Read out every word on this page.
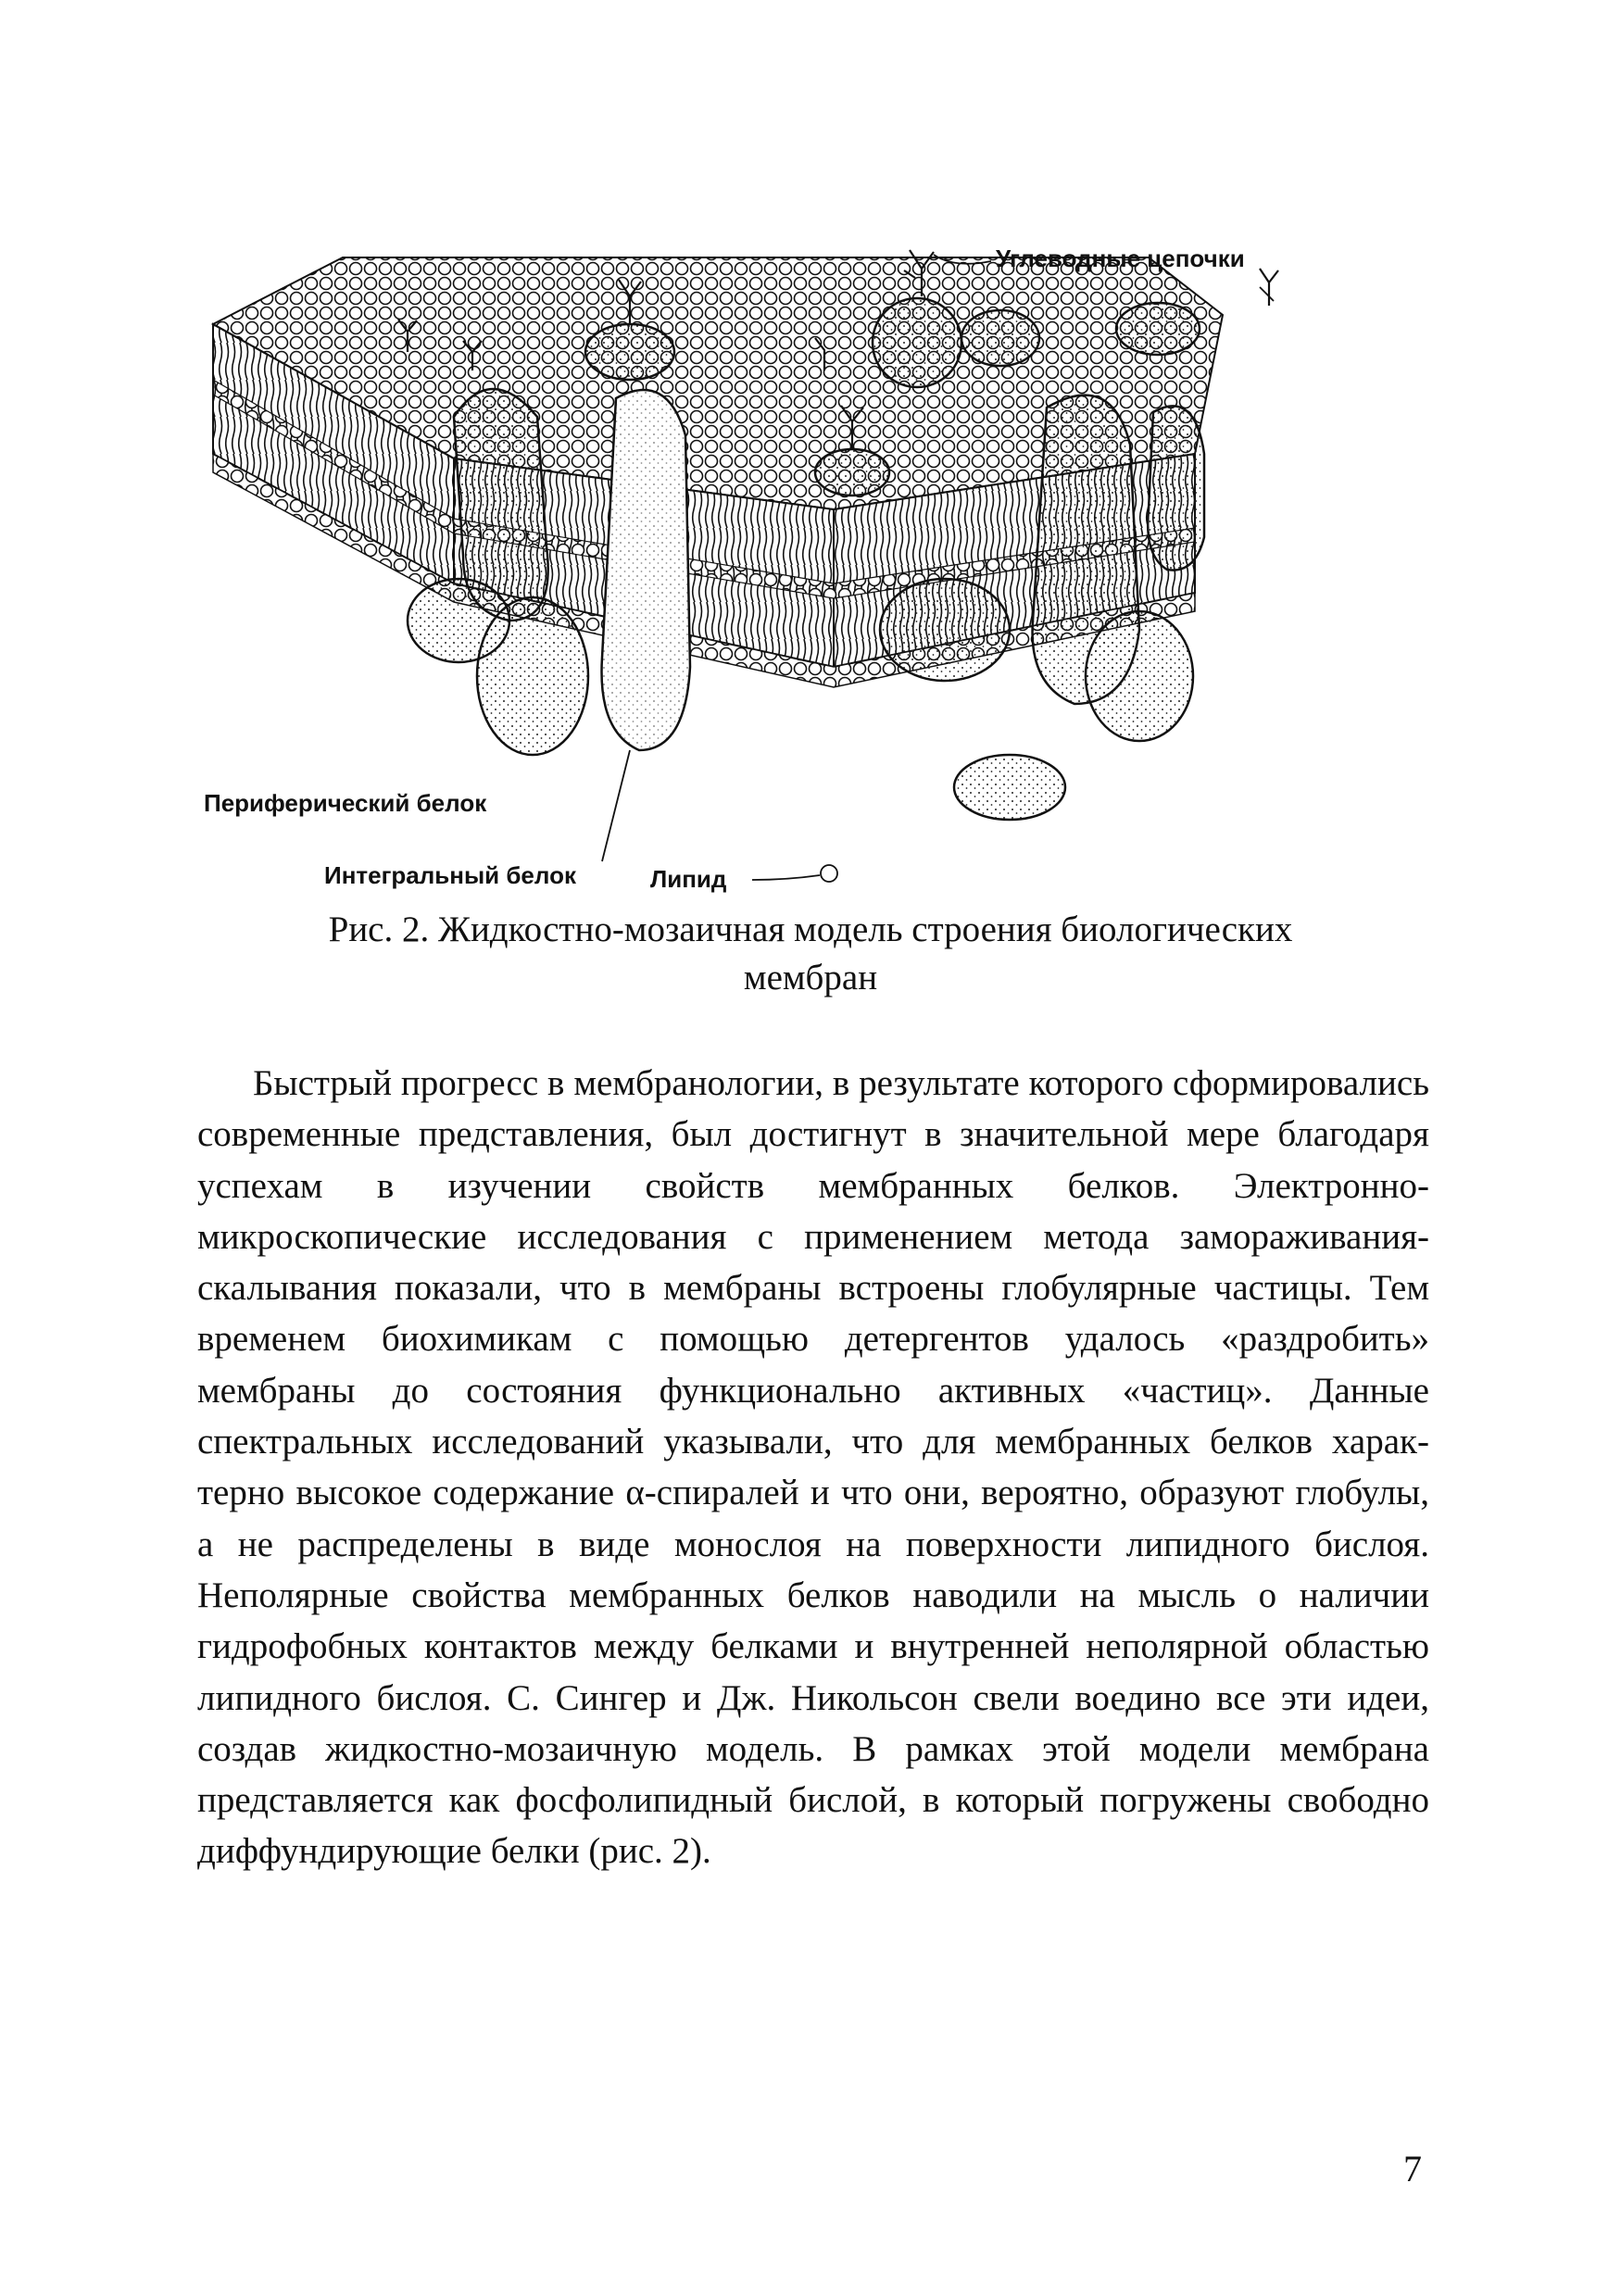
Углеводные цепочки
Периферический белок
Интегральный белок	Липид

Рис. 2. Жидкостно-мозаичная модель строения биологических
мембран

Быстрый прогресс в мембранологии, в результате которого сформировались современные представления, был достигнут в значительной мере благодаря успехам в изучении свойств мембранных белков. Электронно-микроскопические исследования с применением метода замораживания-скалывания показали, что в мембраны встроены глобулярные частицы. Тем временем биохимикам с помощью детергентов удалось «раздробить» мембраны до состояния функционально активных «частиц». Данные спектральных исследований указывали, что для мембранных белков характерно высокое содержание α-спиралей и что они, вероятно, образуют глобулы, а не распределены в виде монослоя на поверхности липидного бислоя. Неполярные свойства мембранных белков наводили на мысль о наличии гидрофобных контактов между белками и внутренней неполярной областью липидного бислоя. С. Сингер и Дж. Никольсон свели воедино все эти идеи, создав жидкостно-мозаичную модель. В рамках этой модели мембрана представляется как фосфолипидный бислой, в который погружены свободно диффундирующие белки (рис. 2).

7
